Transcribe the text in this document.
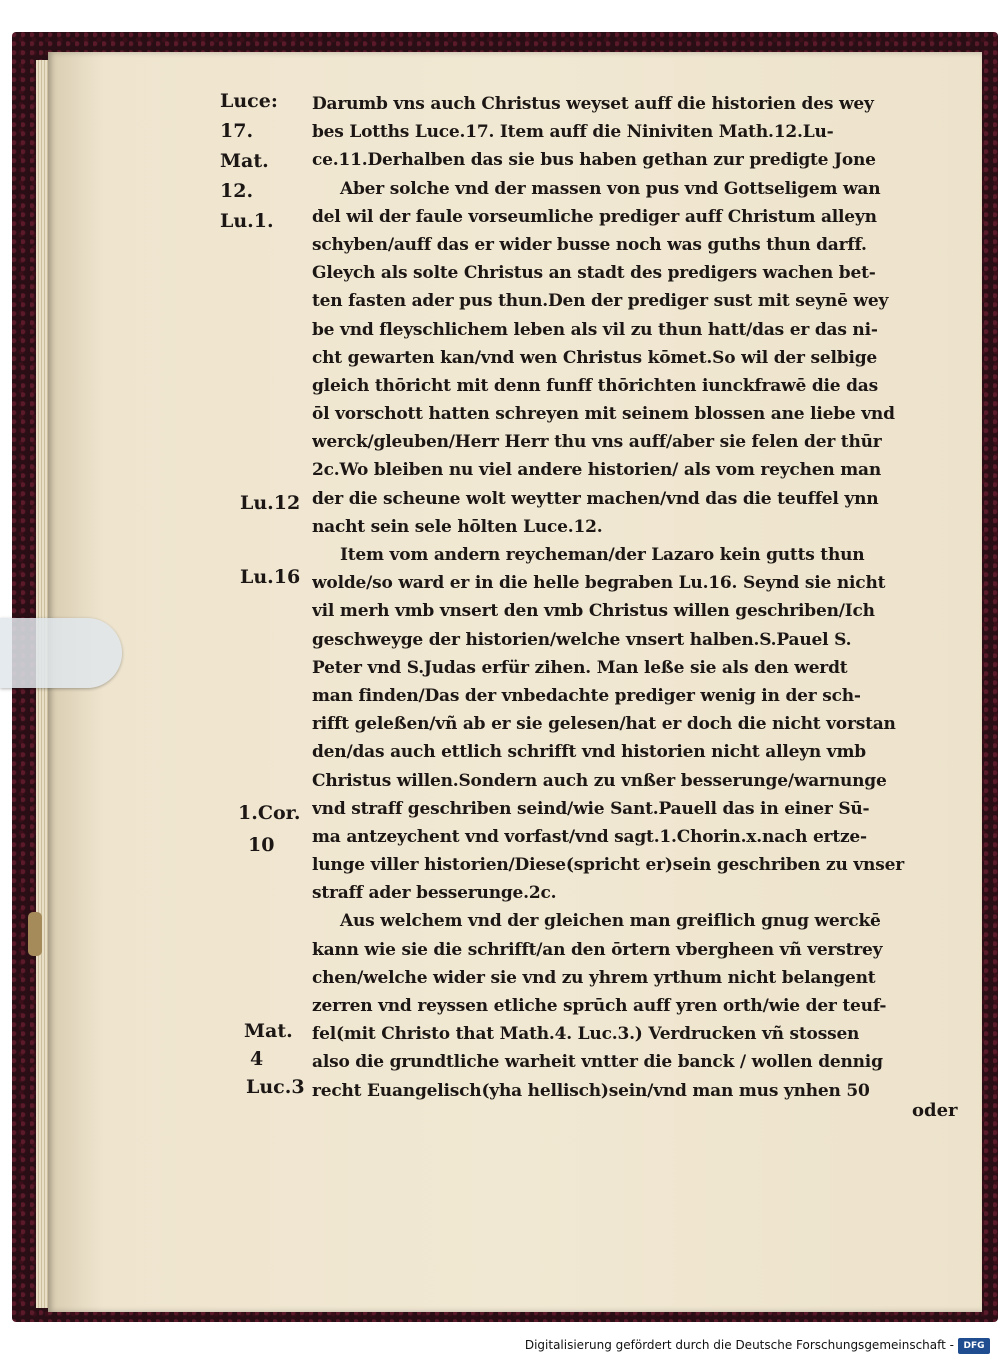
Luce:
17.
Mat.
12.
Lu.1.
Lu.12
Lu.16
1.Cor.
10
Mat.
4
Luc.3
Darumb vns auch Christus weyset auff die historien des wey
bes Lotths Luce.17. Item auff die Niniviten Math.12.Lu-
ce.11.Derhalben das sie bus haben gethan zur predigte Jone
Aber solche vnd der massen von pus vnd Gottseligem wan
del wil der faule vorseumliche prediger auff Christum alleyn
schyben/auff das er wider busse noch was guths thun darff.
Gleych als solte Christus an stadt des predigers wachen bet-
ten fasten ader pus thun.Den der prediger sust mit seynē wey
be vnd fleyschlichem leben als vil zu thun hatt/das er das ni-
cht gewarten kan/vnd wen Christus kōmet.So wil der selbige
gleich thōricht mit denn funff thōrichten iunckfrawē die das
ōl vorschott hatten schreyen mit seinem blossen ane liebe vnd
werck/gleuben/Herr Herr thu vns auff/aber sie felen der thūr
2c.Wo bleiben nu viel andere historien/ als vom reychen man
der die scheune wolt weytter machen/vnd das die teuffel ynn
nacht sein sele hōlten Luce.12.
Item vom andern reycheman/der Lazaro kein gutts thun
wolde/so ward er in die helle begraben Lu.16. Seynd sie nicht
vil merh vmb vnsert den vmb Christus willen geschriben/Ich
geschweyge der historien/welche vnsert halben.S.Pauel S.
Peter vnd S.Judas erfür zihen. Man leße sie als den werdt
man finden/Das der vnbedachte prediger wenig in der sch-
rifft geleßen/vñ ab er sie gelesen/hat er doch die nicht vorstan
den/das auch ettlich schrifft vnd historien nicht alleyn vmb
Christus willen.Sondern auch zu vnßer besserunge/warnunge
vnd straff geschriben seind/wie Sant.Pauell das in einer Sū-
ma antzeychent vnd vorfast/vnd sagt.1.Chorin.x.nach ertze-
lunge viller historien/Diese(spricht er)sein geschriben zu vnser
straff ader besserunge.2c.
Aus welchem vnd der gleichen man greiflich gnug werckē
kann wie sie die schrifft/an den ōrtern vbergheen vñ verstrey
chen/welche wider sie vnd zu yhrem yrthum nicht belangent
zerren vnd reyssen etliche sprūch auff yren orth/wie der teuf-
fel(mit Christo that Math.4. Luc.3.) Verdrucken vñ stossen
also die grundtliche warheit vntter die banck / wollen dennig
recht Euangelisch(yha hellisch)sein/vnd man mus ynhen 50
oder
Digitalisierung gefördert durch die Deutsche Forschungsgemeinschaft -	DFG
